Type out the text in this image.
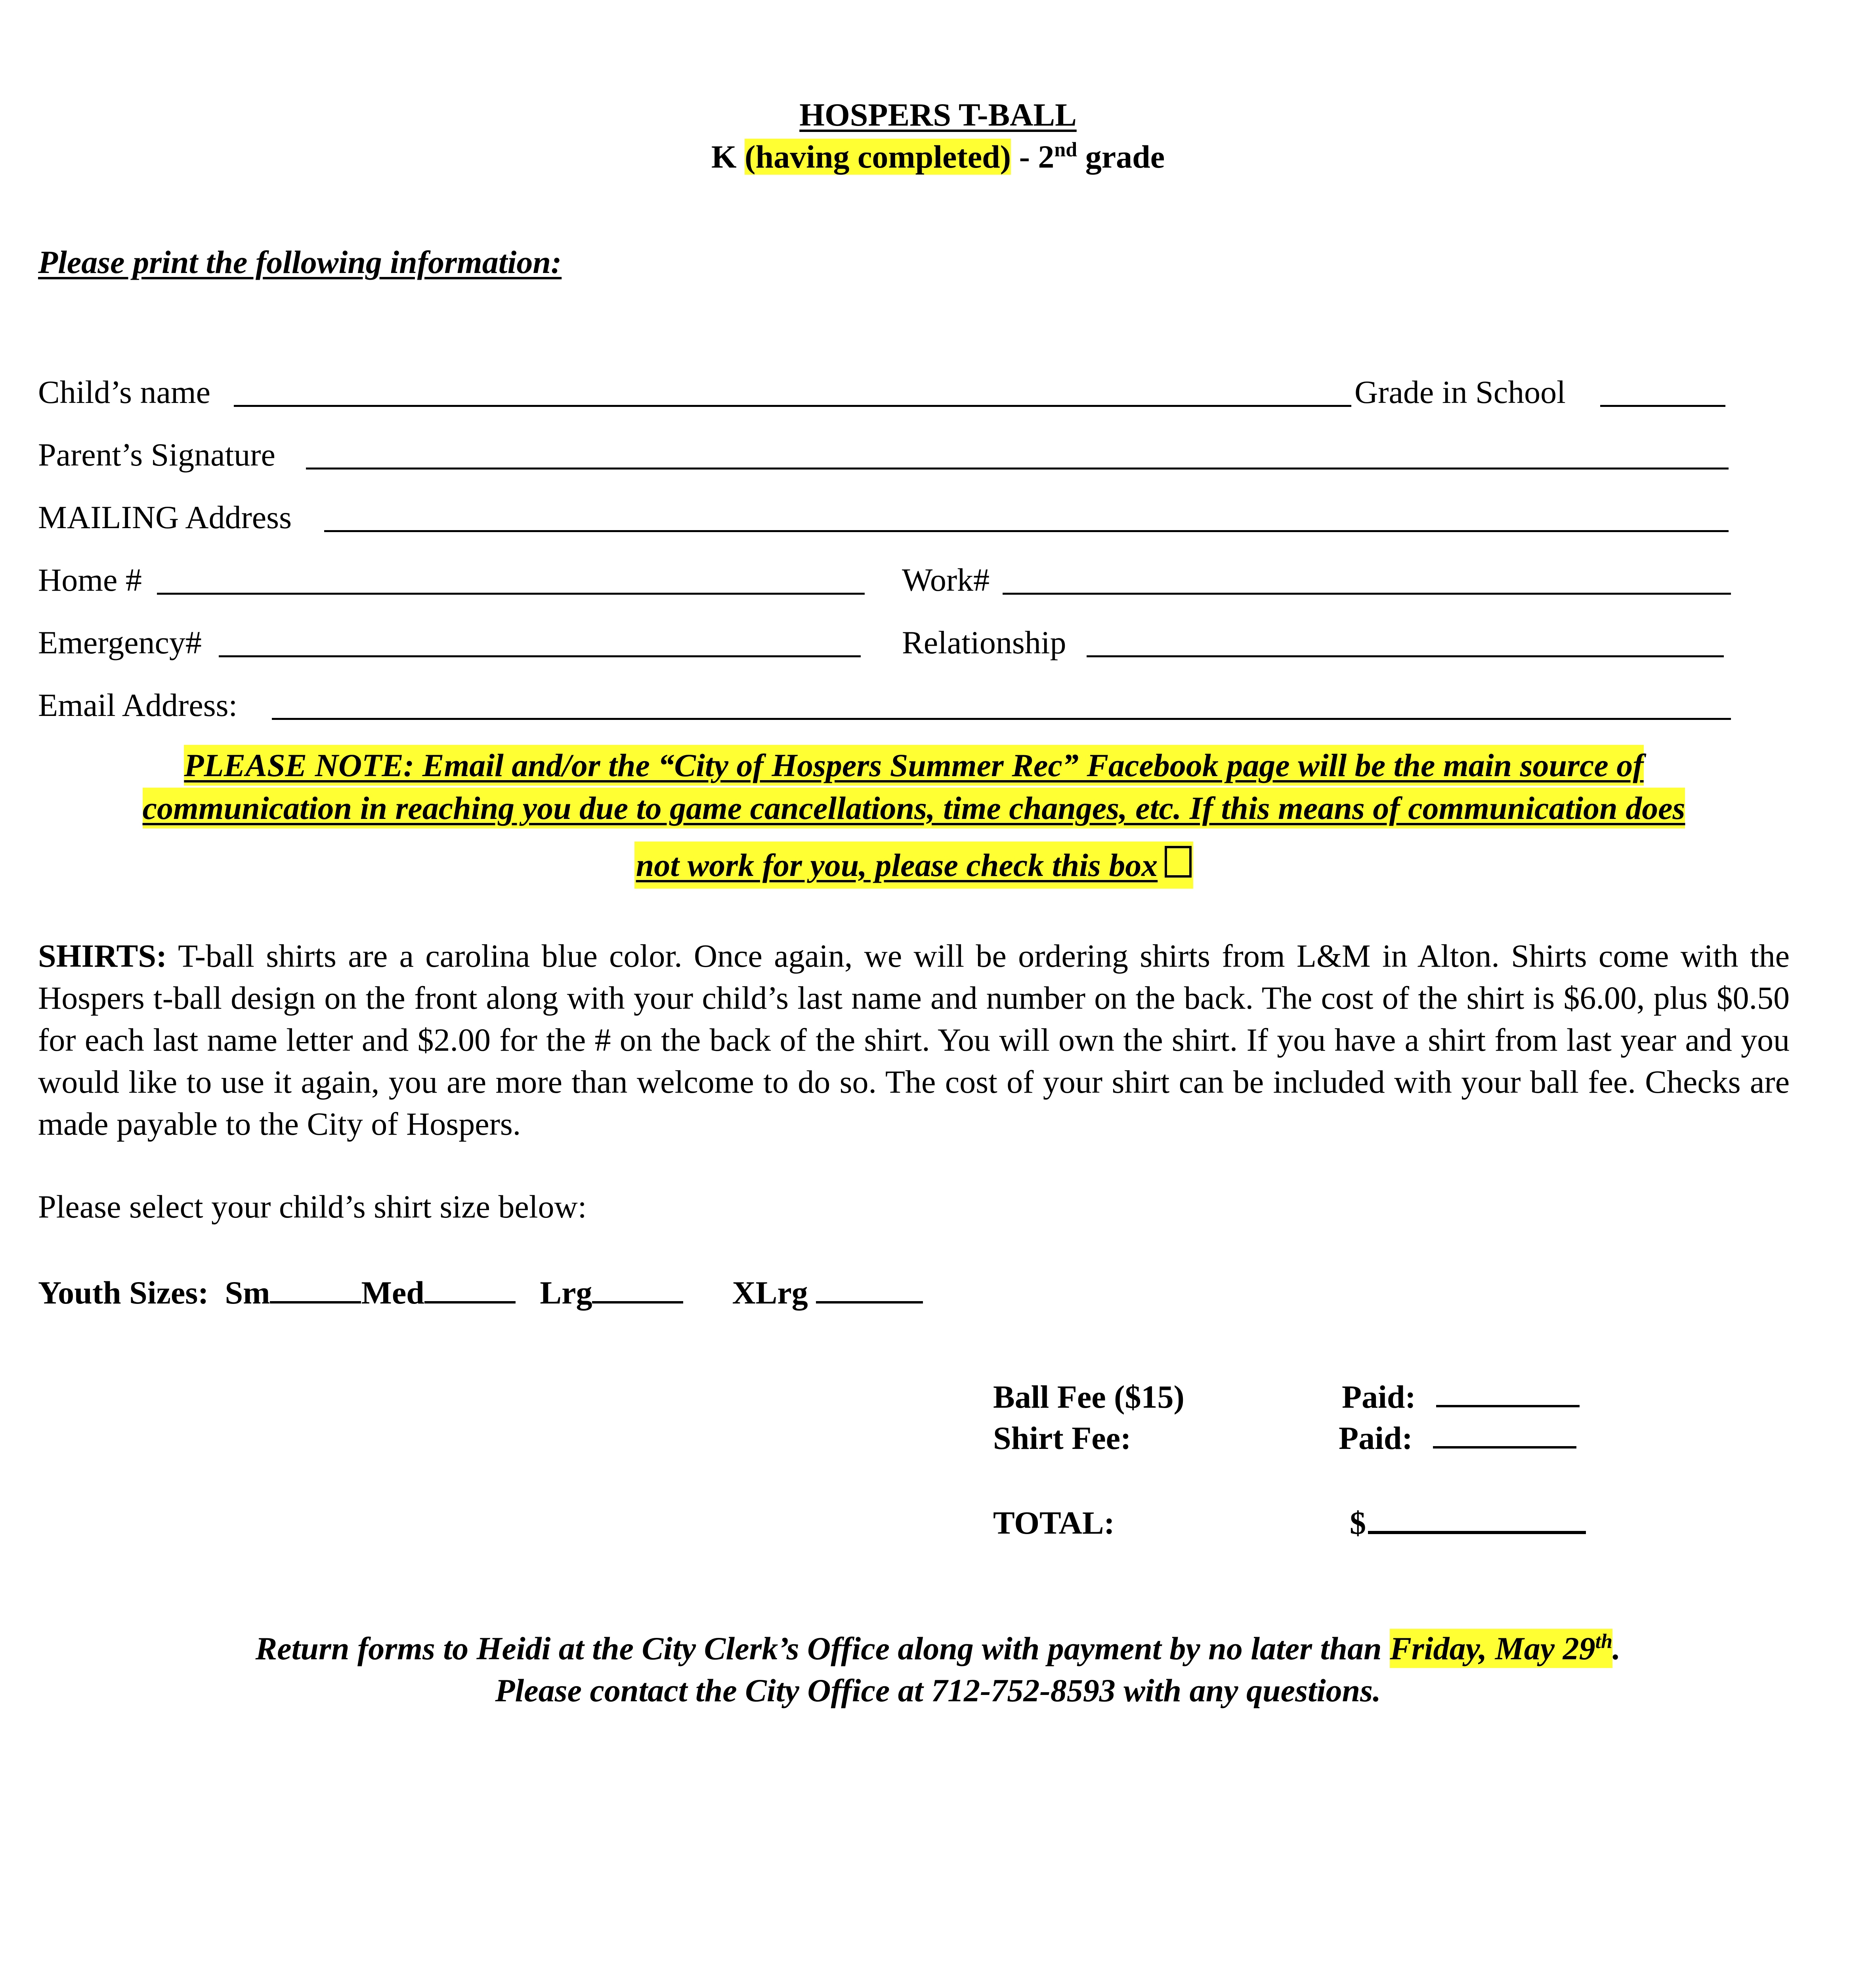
HOSPERS T-BALL
K (having completed) - 2nd grade
Please print the following information:
Child’s name	Grade in School
Parent’s Signature
MAILING Address
Home #	Work#
Emergency#	Relationship
Email Address:
PLEASE NOTE: Email and/or the “City of Hospers Summer Rec” Facebook page will be the main source of
communication in reaching you due to game cancellations, time changes, etc. If this means of communication does
not work for you, please check this box
SHIRTS: T-ball shirts are a carolina blue color. Once again, we will be ordering shirts from L&M in Alton. Shirts come with the Hospers t-ball design on the front along with your child’s last name and number on the back. The cost of the shirt is $6.00, plus $0.50 for each last name letter and $2.00 for the # on the back of the shirt. You will own the shirt. If you have a shirt from last year and you would like to use it again, you are more than welcome to do so. The cost of your shirt can be included with your ball fee. Checks are made payable to the City of Hospers.
Please select your child’s shirt size below:
Youth Sizes: Sm	Med	Lrg	XLrg
Ball Fee ($15)	Paid:
Shirt Fee:	Paid:
TOTAL:	$
Return forms to Heidi at the City Clerk’s Office along with payment by no later than Friday, May 29th.
Please contact the City Office at 712-752-8593 with any questions.
